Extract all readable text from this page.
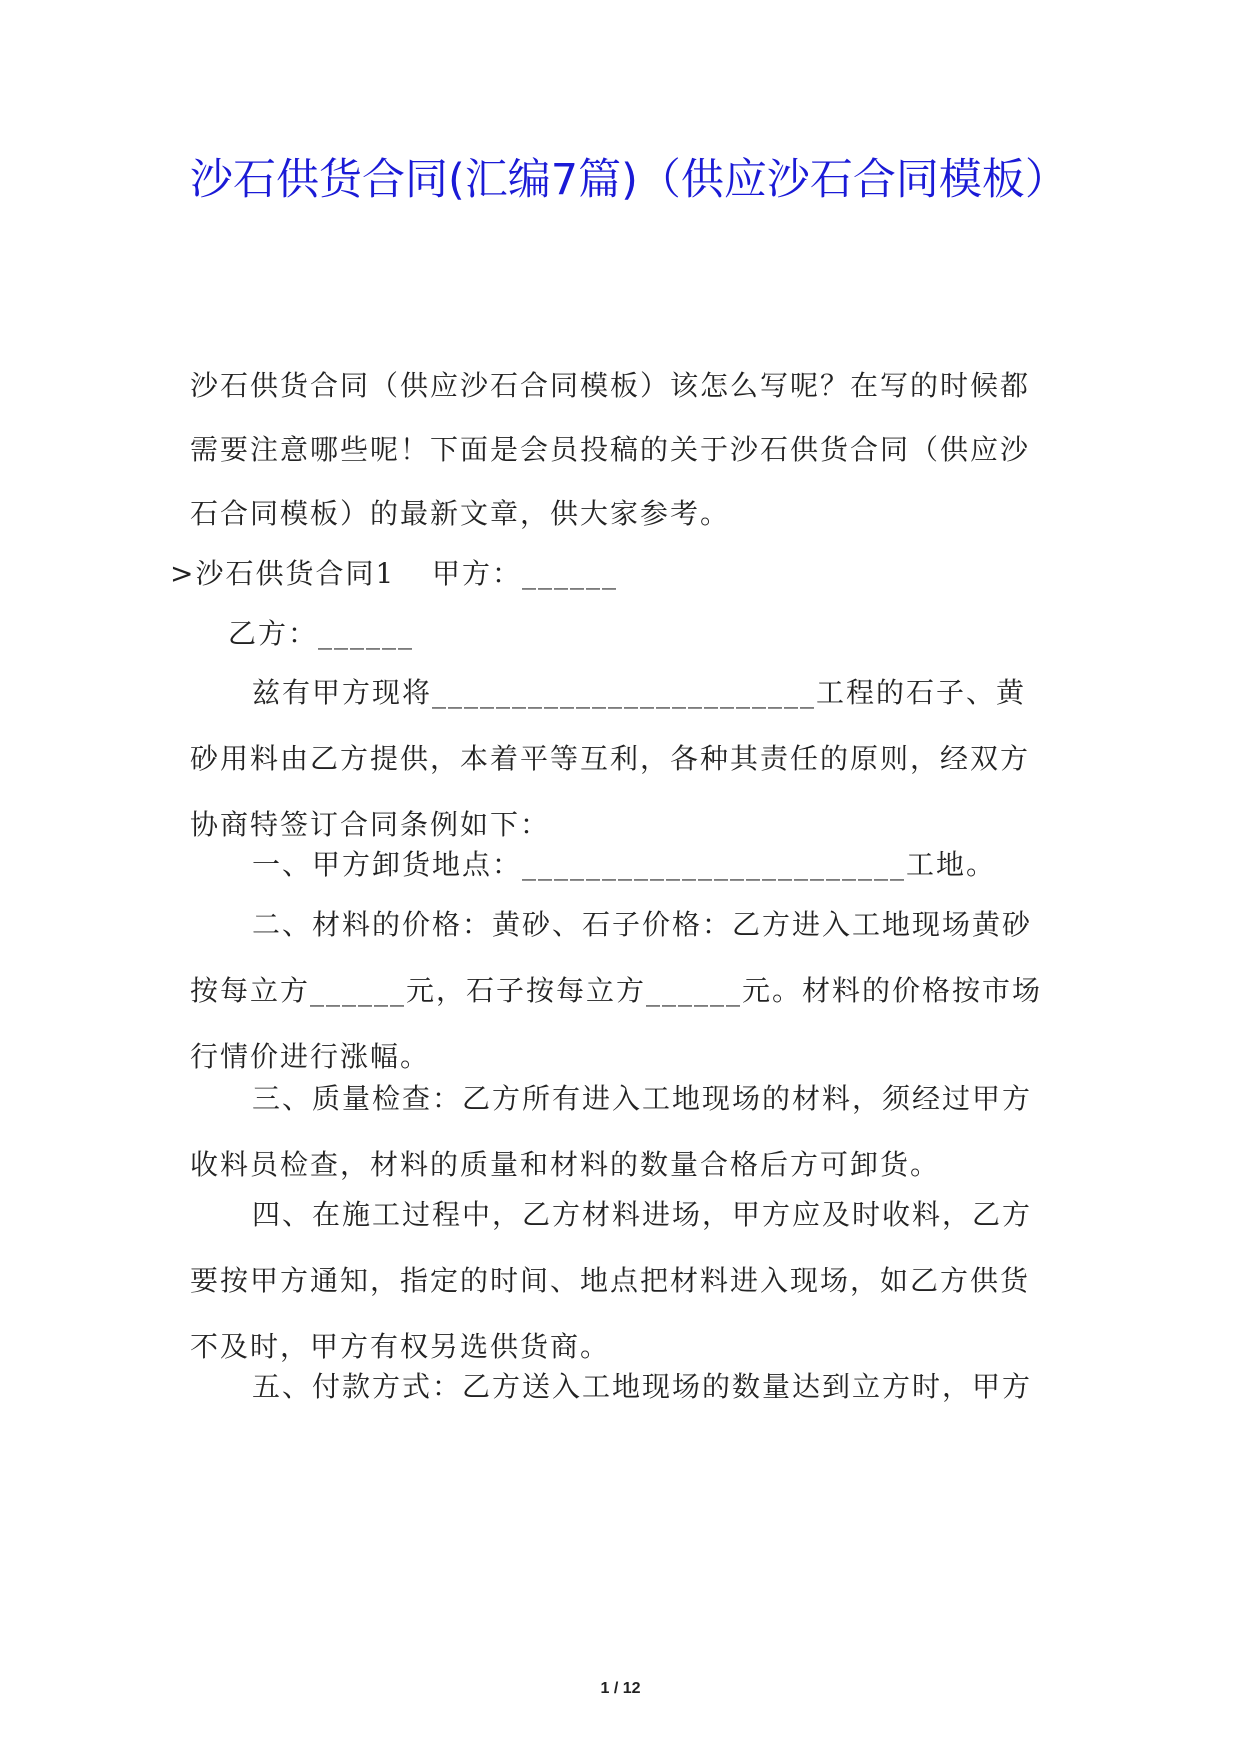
沙石供货合同(汇编7篇)（供应沙石合同模板）

沙石供货合同（供应沙石合同模板）该怎么写呢？在写的时候都需要注意哪些呢！下面是会员投稿的关于沙石供货合同（供应沙石合同模板）的最新文章，供大家参考。

>沙石供货合同1 甲方：______
乙方：______

兹有甲方现将________________________工程的石子、黄砂用料由乙方提供，本着平等互利，各种其责任的原则，经双方协商特签订合同条例如下：

一、甲方卸货地点：________________________工地。

二、材料的价格：黄砂、石子价格：乙方进入工地现场黄砂按每立方______元，石子按每立方______元。材料的价格按市场行情价进行涨幅。

三、质量检查：乙方所有进入工地现场的材料，须经过甲方收料员检查，材料的质量和材料的数量合格后方可卸货。

四、在施工过程中，乙方材料进场，甲方应及时收料，乙方要按甲方通知，指定的时间、地点把材料进入现场，如乙方供货不及时，甲方有权另选供货商。

五、付款方式：乙方送入工地现场的数量达到立方时，甲方

1 / 12
